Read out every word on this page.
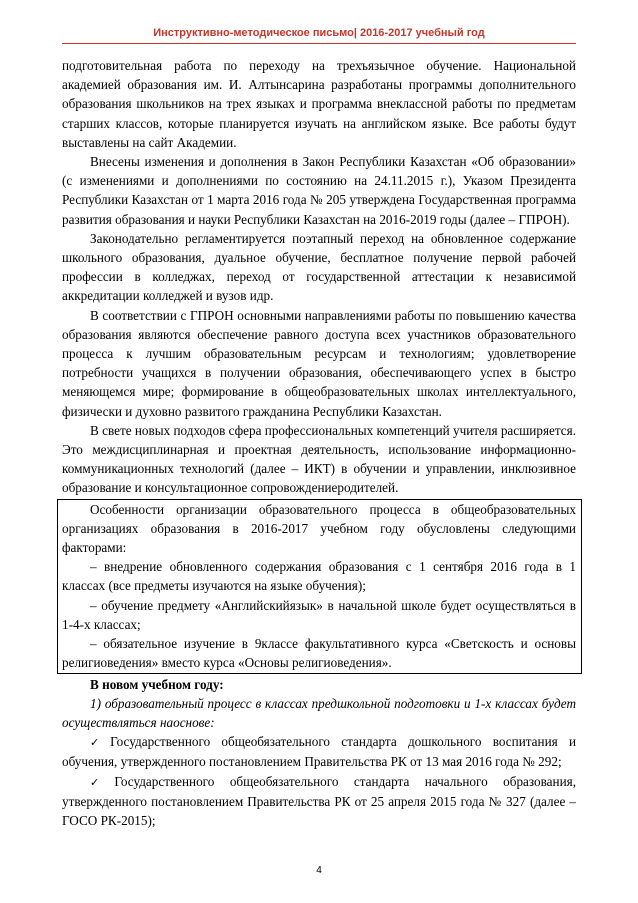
Инструктивно-методическое письмо| 2016-2017 учебный год

подготовительная работа по переходу на трехъязычное обучение. Национальной академией образования им. И. Алтынсарина разработаны программы дополнительного образования школьников на трех языках и программа внеклассной работы по предметам старших классов, которые планируется изучать на английском языке. Все работы будут выставлены на сайт Академии.

Внесены изменения и дополнения в Закон Республики Казахстан «Об образовании» (с изменениями и дополнениями по состоянию на 24.11.2015 г.), Указом Президента Республики Казахстан от 1 марта 2016 года № 205 утверждена Государственная программа развития образования и науки Республики Казахстан на 2016-2019 годы (далее – ГПРОН).

Законодательно регламентируется поэтапный переход на обновленное содержание школьного образования, дуальное обучение, бесплатное получение первой рабочей профессии в колледжах, переход от государственной аттестации к независимой аккредитации колледжей и вузов идр.

В соответствии с ГПРОН основными направлениями работы по повышению качества образования являются обеспечение равного доступа всех участников образовательного процесса к лучшим образовательным ресурсам и технологиям; удовлетворение потребности учащихся в получении образования, обеспечивающего успех в быстро меняющемся мире; формирование в общеобразовательных школах интеллектуального, физически и духовно развитого гражданина Республики Казахстан.

В свете новых подходов сфера профессиональных компетенций учителя расширяется. Это междисциплинарная и проектная деятельность, использование информационно-коммуникационных технологий (далее – ИКТ) в обучении и управлении, инклюзивное образование и консультационное сопровождениеродителей.

Особенности организации образовательного процесса в общеобразовательных организациях образования в 2016-2017 учебном году обусловлены следующими факторами:

– внедрение обновленного содержания образования с 1 сентября 2016 года в 1 классах (все предметы изучаются на языке обучения);

– обучение предмету «Английскийязык» в начальной школе будет осуществляться в 1-4-х классах;

– обязательное изучение в 9классе факультативного курса «Светскость и основы религиоведения» вместо курса «Основы религиоведения».

В новом учебном году:

1) образовательный процесс в классах предшкольной подготовки и 1-х классах будет осуществляться наоснове:

✓ Государственного общеобязательного стандарта дошкольного воспитания и обучения, утвержденного постановлением Правительства РК от 13 мая 2016 года № 292;

✓ Государственного общеобязательного стандарта начального образования, утвержденного постановлением Правительства РК от 25 апреля 2015 года № 327 (далее – ГОСО РК-2015);

4
